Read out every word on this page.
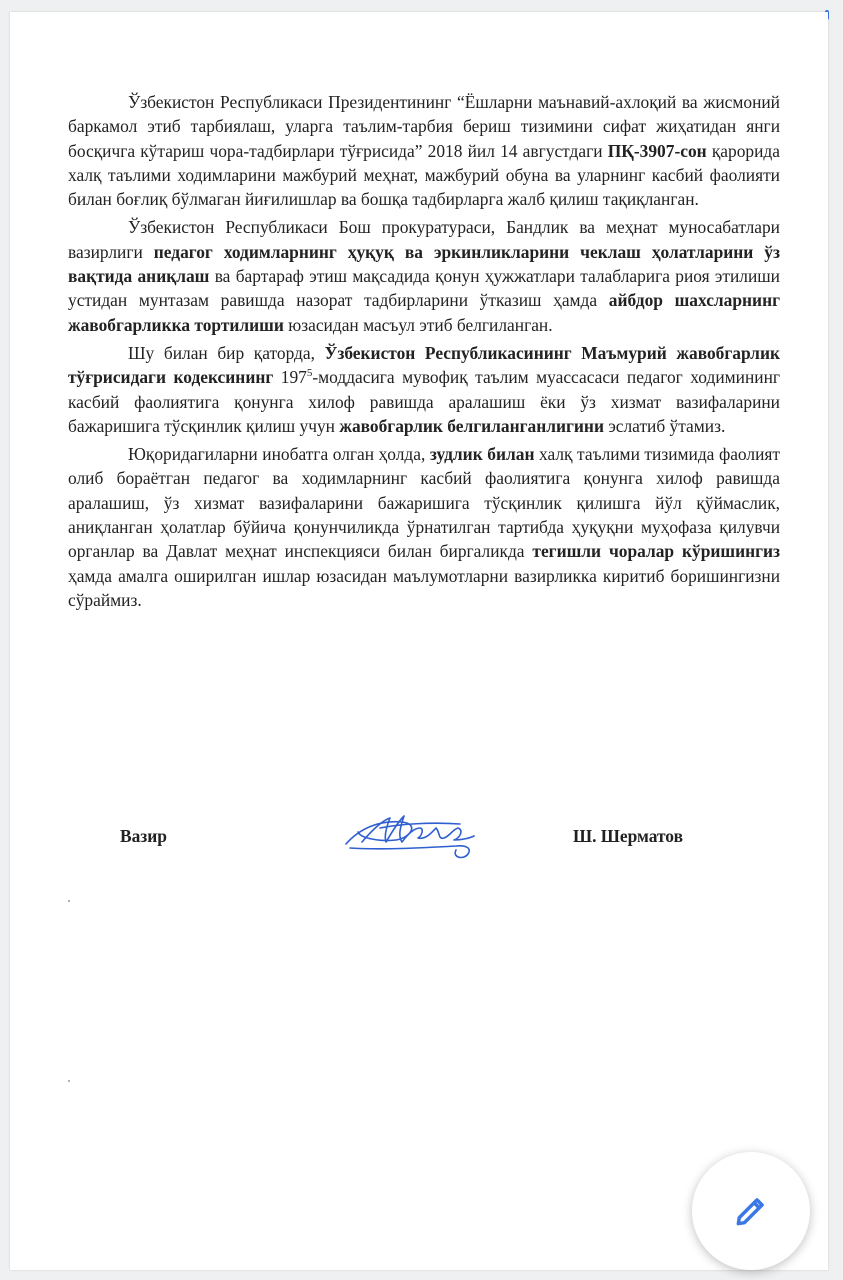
Ўзбекистон Республикаси Президентининг “Ёшларни маънавий-ахлоқий ва жисмоний баркамол этиб тарбиялаш, уларга таълим-тарбия бериш тизимини сифат жиҳатидан янги босқичга кўтариш чора-тадбирлари тўғрисида” 2018 йил 14 августдаги ПҚ-3907-сон қарорида халқ таълими ходимларини мажбурий меҳнат, мажбурий обуна ва уларнинг касбий фаолияти билан боғлиқ бўлмаган йиғилишлар ва бошқа тадбирларга жалб қилиш тақиқланган.

Ўзбекистон Республикаси Бош прокуратураси, Бандлик ва меҳнат муносабатлари вазирлиги педагог ходимларнинг ҳуқуқ ва эркинликларини чеклаш ҳолатларини ўз вақтида аниқлаш ва бартараф этиш мақсадида қонун ҳужжатлари талабларига риоя этилиши устидан мунтазам равишда назорат тадбирларини ўтказиш ҳамда айбдор шахсларнинг жавобгарликка тортилиши юзасидан масъул этиб белгиланган.

Шу билан бир қаторда, Ўзбекистон Республикасининг Маъмурий жавобгарлик тўғрисидаги кодексининг $197^5$-моддасига мувофиқ таълим муассасаси педагог ходимининг касбий фаолиятига қонунга хилоф равишда аралашиш ёки ўз хизмат вазифаларини бажаришига тўсқинлик қилиш учун жавобгарлик белгиланганлигини эслатиб ўтамиз.

Юқоридагиларни инобатга олган ҳолда, зудлик билан халқ таълими тизимида фаолият олиб бораётган педагог ва ходимларнинг касбий фаолиятига қонунга хилоф равишда аралашиш, ўз хизмат вазифаларини бажаришига тўсқинлик қилишга йўл қўймаслик, аниқланган ҳолатлар бўйича қонунчиликда ўрнатилган тартибда ҳуқуқни муҳофаза қилувчи органлар ва Давлат меҳнат инспекцияси билан биргаликда тегишли чоралар кўришингиз ҳамда амалга оширилган ишлар юзасидан маълумотларни вазирликка киритиб боришингизни сўраймиз.

Вазир	Ш. Шерматов
